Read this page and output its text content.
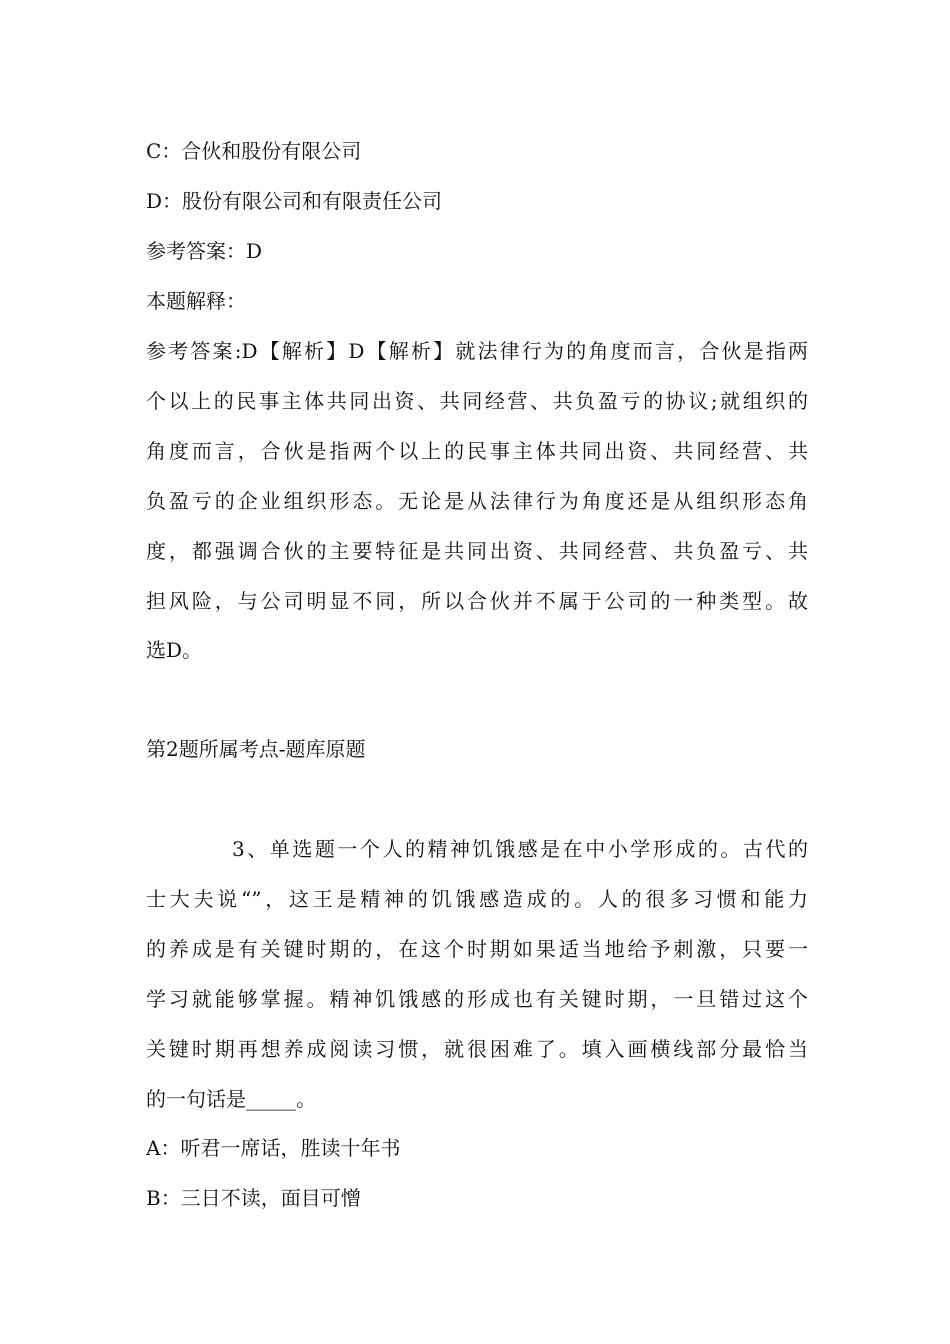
C：合伙和股份有限公司
D：股份有限公司和有限责任公司
参考答案：D
本题解释：
参考答案:D【解析】D【解析】就法律行为的角度而言，合伙是指两
个以上的民事主体共同出资、共同经营、共负盈亏的协议;就组织的
角度而言，合伙是指两个以上的民事主体共同出资、共同经营、共
负盈亏的企业组织形态。无论是从法律行为角度还是从组织形态角
度，都强调合伙的主要特征是共同出资、共同经营、共负盈亏、共
担风险，与公司明显不同，所以合伙并不属于公司的一种类型。故
选D。
第2题所属考点-题库原题
3、单选题一个人的精神饥饿感是在中小学形成的。古代的
士大夫说“”，这王是精神的饥饿感造成的。人的很多习惯和能力
的养成是有关键时期的，在这个时期如果适当地给予刺激，只要一
学习就能够掌握。精神饥饿感的形成也有关键时期，一旦错过这个
关键时期再想养成阅读习惯，就很困难了。填入画横线部分最恰当
的一句话是_____。
A：听君一席话，胜读十年书
B：三日不读，面目可憎
